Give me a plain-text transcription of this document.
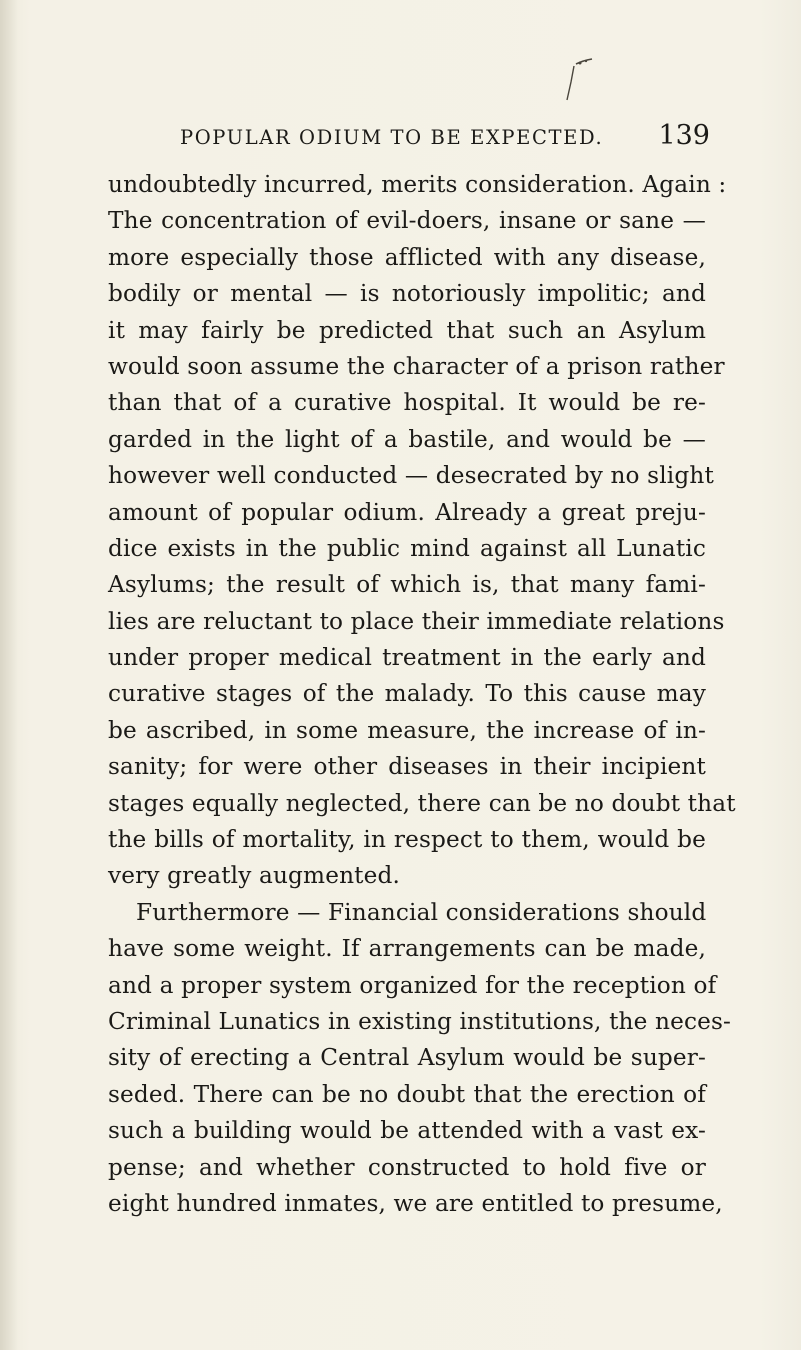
POPULAR ODIUM TO BE EXPECTED. 139
undoubtedly incurred, merits consideration. Again :
The concentration of evil-doers, insane or sane —
more especially those afflicted with any disease,
bodily or mental — is notoriously impolitic; and
it may fairly be predicted that such an Asylum
would soon assume the character of a prison rather
than that of a curative hospital. It would be re-
garded in the light of a bastile, and would be —
however well conducted — desecrated by no slight
amount of popular odium. Already a great preju-
dice exists in the public mind against all Lunatic
Asylums; the result of which is, that many fami-
lies are reluctant to place their immediate relations
under proper medical treatment in the early and
curative stages of the malady. To this cause may
be ascribed, in some measure, the increase of in-
sanity; for were other diseases in their incipient
stages equally neglected, there can be no doubt that
the bills of mortality, in respect to them, would be
very greatly augmented.
Furthermore — Financial considerations should
have some weight. If arrangements can be made,
and a proper system organized for the reception of
Criminal Lunatics in existing institutions, the neces-
sity of erecting a Central Asylum would be super-
seded. There can be no doubt that the erection of
such a building would be attended with a vast ex-
pense; and whether constructed to hold five or
eight hundred inmates, we are entitled to presume,
